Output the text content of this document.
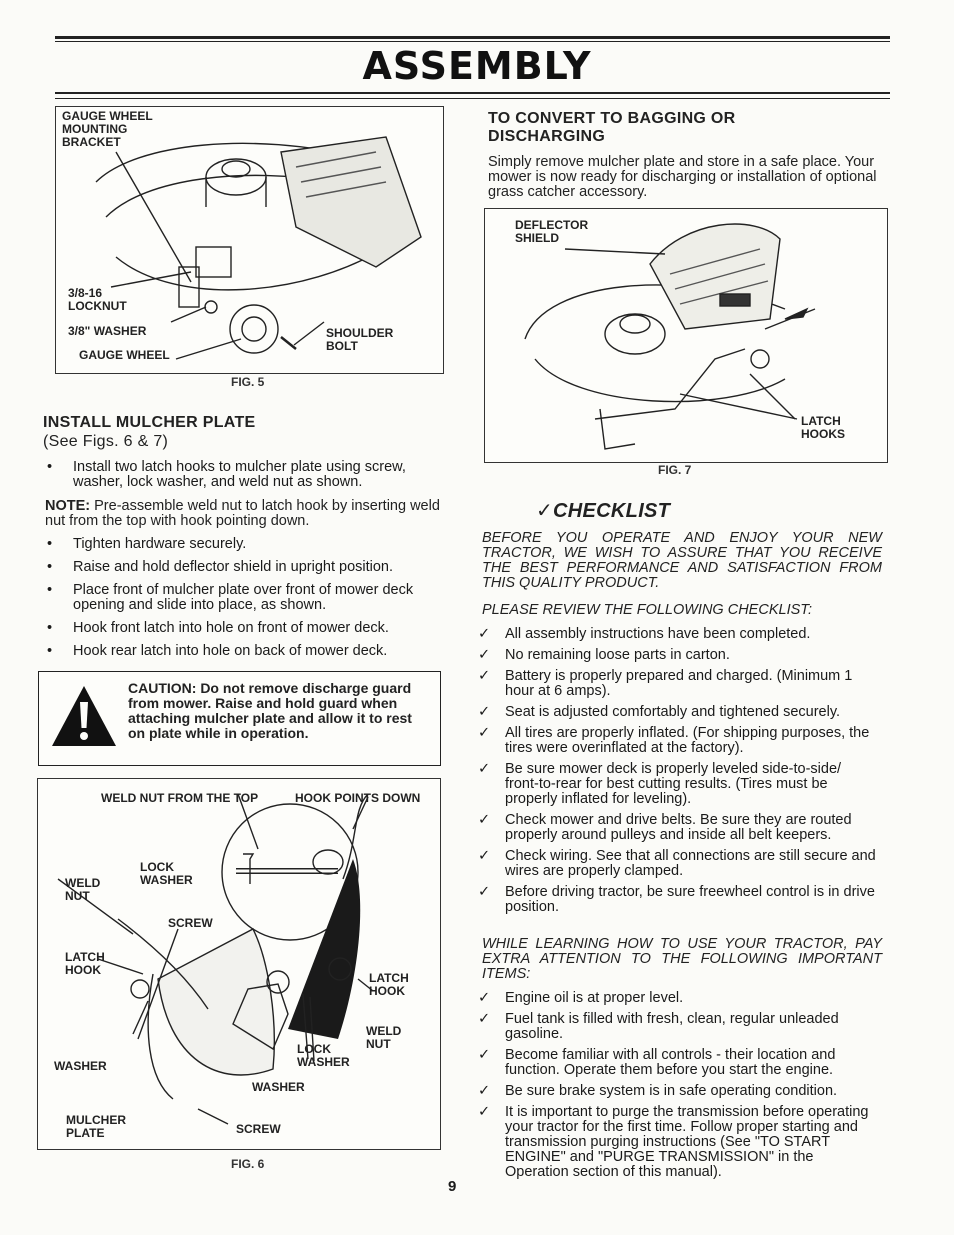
ASSEMBLY
GAUGE WHEEL
MOUNTING
BRACKET
3/8-16
LOCKNUT
3/8" WASHER
GAUGE WHEEL
SHOULDER
BOLT
FIG. 5
INSTALL MULCHER PLATE
(See Figs. 6 & 7)
• Install two latch hooks to mulcher plate using screw, washer, lock washer, and weld nut as shown.

NOTE: Pre-assemble weld nut to latch hook by inserting weld nut from the top with hook pointing down.

• Tighten hardware securely.
• Raise and hold deflector shield in upright position.
• Place front of mulcher plate over front of mower deck opening and slide into place, as shown.
• Hook front latch into hole on front of mower deck.
• Hook rear latch into hole on back of mower deck.

CAUTION: Do not remove discharge guard from mower. Raise and hold guard when attaching mulcher plate and allow it to rest on plate while in operation.

WELD NUT FROM THE TOP	HOOK POINTS DOWN
LOCK
WASHER
WELD
NUT
SCREW
LATCH
HOOK
LATCH
HOOK
WELD
NUT
LOCK
WASHER
WASHER
WASHER
MULCHER
PLATE	SCREW
FIG. 6
TO CONVERT TO BAGGING OR
DISCHARGING

Simply remove mulcher plate and store in a safe place. Your mower is now ready for discharging or installation of optional grass catcher accessory.

DEFLECTOR
SHIELD
LATCH
HOOKS
FIG. 7
✓CHECKLIST

BEFORE YOU OPERATE AND ENJOY YOUR NEW TRACTOR, WE WISH TO ASSURE THAT YOU RECEIVE THE BEST PERFORMANCE AND SATISFACTION FROM THIS QUALITY PRODUCT.

PLEASE REVIEW THE FOLLOWING CHECKLIST:

✓ All assembly instructions have been completed.
✓ No remaining loose parts in carton.
✓ Battery is properly prepared and charged. (Minimum 1 hour at 6 amps).
✓ Seat is adjusted comfortably and tightened securely.
✓ All tires are properly inflated. (For shipping purposes, the tires were overinflated at the factory).
✓ Be sure mower deck is properly leveled side-to-side/ front-to-rear for best cutting results. (Tires must be properly inflated for leveling).
✓ Check mower and drive belts. Be sure they are routed properly around pulleys and inside all belt keepers.
✓ Check wiring. See that all connections are still secure and wires are properly clamped.
✓ Before driving tractor, be sure freewheel control is in drive position.

WHILE LEARNING HOW TO USE YOUR TRACTOR, PAY EXTRA ATTENTION TO THE FOLLOWING IMPORTANT ITEMS:

✓ Engine oil is at proper level.
✓ Fuel tank is filled with fresh, clean, regular unleaded gasoline.
✓ Become familiar with all controls - their location and function. Operate them before you start the engine.
✓ Be sure brake system is in safe operating condition.
✓ It is important to purge the transmission before operating your tractor for the first time. Follow proper starting and transmission purging instructions (See "TO START ENGINE" and "PURGE TRANSMISSION" in the Operation section of this manual).
9
